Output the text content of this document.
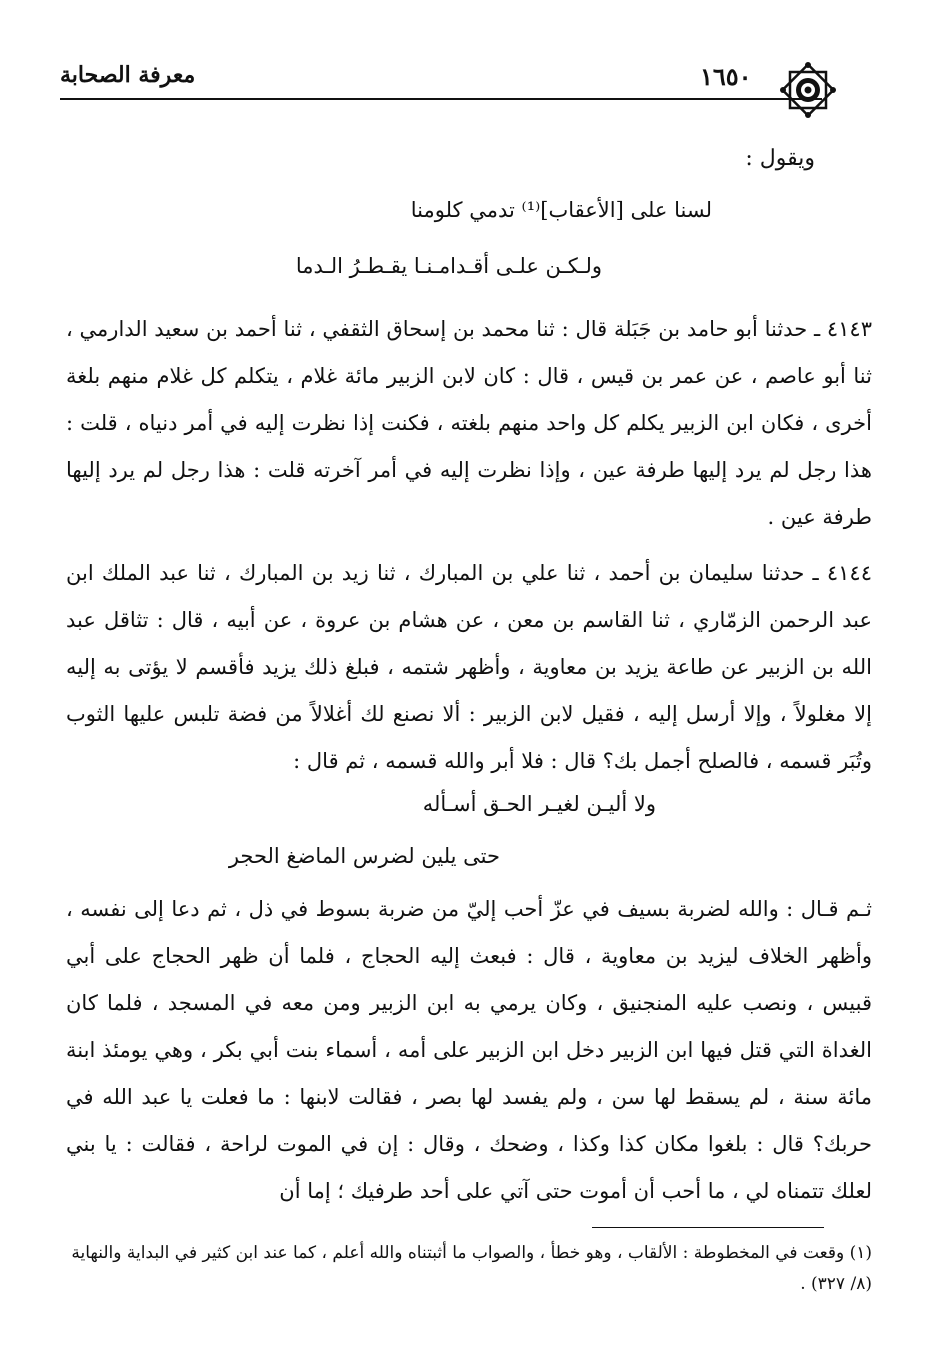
معرفة الصحابة	١٦٥٠
ويقول :
لسنا على [الأعقاب]⁽¹⁾ تدمي كلومنا
ولـكـن علـى أقـدامـنـا يقـطـرُ الـدما
٤١٤٣ ـ حدثنا أبو حامد بن جَبَلة قال : ثنا محمد بن إسحاق الثقفي ، ثنا أحمد بن سعيد الدارمي ، ثنا أبو عاصم ، عن عمر بن قيس ، قال : كان لابن الزبير مائة غلام ، يتكلم كل غلام منهم بلغة أخرى ، فكان ابن الزبير يكلم كل واحد منهم بلغته ، فكنت إذا نظرت إليه في أمر دنياه ، قلت : هذا رجل لم يرد إليها طرفة عين ، وإذا نظرت إليه في أمر آخرته قلت : هذا رجل لم يرد إليها طرفة عين .
٤١٤٤ ـ حدثنا سليمان بن أحمد ، ثنا علي بن المبارك ، ثنا زيد بن المبارك ، ثنا عبد الملك ابن عبد الرحمن الزمّاري ، ثنا القاسم بن معن ، عن هشام بن عروة ، عن أبيه ، قال : تثاقل عبد الله بن الزبير عن طاعة يزيد بن معاوية ، وأظهر شتمه ، فبلغ ذلك يزيد فأقسم لا يؤتى به إليه إلا مغلولاً ، وإلا أرسل إليه ، فقيل لابن الزبير : ألا نصنع لك أغلالاً من فضة تلبس عليها الثوب وتُبَر قسمه ، فالصلح أجمل بك؟ قال : فلا أبر والله قسمه ، ثم قال :
ولا أليـن لغيـر الحـق أسـأله
حتى يلين لضرس الماضغ الحجر
ثـم قـال : والله لضربة بسيف في عزّ أحب إليّ من ضربة بسوط في ذل ، ثم دعا إلى نفسه ، وأظهر الخلاف ليزيد بن معاوية ، قال : فبعث إليه الحجاج ، فلما أن ظهر الحجاج على أبي قبيس ، ونصب عليه المنجنيق ، وكان يرمي به ابن الزبير ومن معه في المسجد ، فلما كان الغداة التي قتل فيها ابن الزبير دخل ابن الزبير على أمه ، أسماء بنت أبي بكر ، وهي يومئذ ابنة مائة سنة ، لم يسقط لها سن ، ولم يفسد لها بصر ، فقالت لابنها : ما فعلت يا عبد الله في حربك؟ قال : بلغوا مكان كذا وكذا ، وضحك ، وقال : إن في الموت لراحة ، فقالت : يا بني لعلك تتمناه لي ، ما أحب أن أموت حتى آتي على أحد طرفيك ؛ إما أن
(١) وقعت في المخطوطة : الألقاب ، وهو خطأ ، والصواب ما أثبتناه والله أعلم ، كما عند ابن كثير في البداية والنهاية (٨/ ٣٢٧) .
